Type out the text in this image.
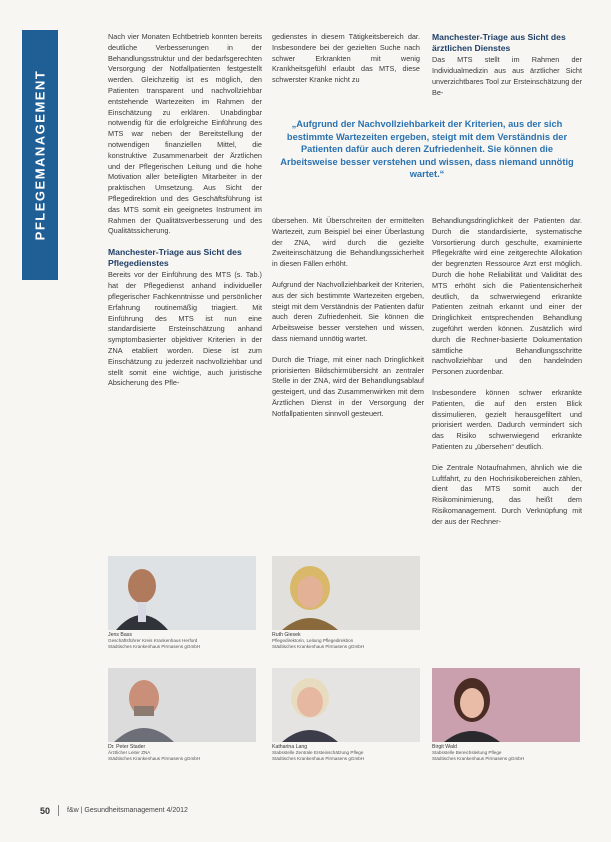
PFLEGEMANAGEMENT

Nach vier Monaten Echtbetrieb konnten bereits deutliche Verbesserungen in der Behandlungsstruktur und der bedarfsgerechten Versorgung der Notfallpatienten festgestellt werden. Gleichzeitig ist es möglich, den Patienten transparent und nachvollziehbar entstehende Wartezeiten im Rahmen der Einschätzung zu erklären. Unabdingbar notwendig für die erfolgreiche Einführung des MTS war neben der Bereitstellung der notwendigen finanziellen Mittel, die konstruktive Zusammenarbeit der Ärztlichen und der Pflegerischen Leitung und die hohe Motivation aller beteiligten Mitarbeiter in der praktischen Umsetzung. Aus Sicht der Pflegedirektion und des Geschäftsführung ist das MTS somit ein geeignetes Instrument im Rahmen der Qualitätsverbesserung und des Qualitätssicherung.

Manchester-Triage aus Sicht des Pflegedienstes

Bereits vor der Einführung des MTS (s. Tab.) hat der Pflegedienst anhand individueller pflegerischer Fachkenntnisse und persönlicher Erfahrung routinemäßig triagiert. Mit Einführung des MTS ist nun eine standardisierte Ersteinschätzung anhand symptombasierter objektiver Kriterien in der ZNA etabliert worden. Diese ist zum Einschätzung zu jederzeit nachvollziehbar und stellt somit eine wichtige, auch juristische Absicherung des Pfle-

gedienstes in diesem Tätigkeitsbereich dar. Insbesondere bei der gezielten Suche nach schwer Erkrankten mit wenig Krankheitsgefühl erlaubt das MTS, diese schwerster Kranke nicht zu

Manchester-Triage aus Sicht des ärztlichen Dienstes

Das MTS stellt im Rahmen der Individualmedizin aus aus ärztlicher Sicht unverzichtbares Tool zur Ersteinschätzung der Be-

„Aufgrund der Nachvollziehbarkeit der Kriterien, aus der sich bestimmte Wartezeiten ergeben, steigt mit dem Verständnis der Patienten dafür auch deren Zufriedenheit. Sie können die Arbeitsweise besser verstehen und wissen, dass niemand unnötig wartet.“

übersehen. Mit Überschreiten der ermittelten Wartezeit, zum Beispiel bei einer Überlastung der ZNA, wird durch die gezielte Zweiteinschätzung die Behandlungssicherheit in diesen Fällen erhöht.

Aufgrund der Nachvollziehbarkeit der Kriterien, aus der sich bestimmte Wartezeiten ergeben, steigt mit dem Verständnis der Patienten dafür auch deren Zufriedenheit. Sie können die Arbeitsweise besser verstehen und wissen, dass niemand unnötig wartet.

Durch die Triage, mit einer nach Dringlichkeit priorisierten Bildschirmübersicht an zentraler Stelle in der ZNA, wird der Behandlungsablauf gesteigert, und das Zusammenwirken mit dem Ärztlichen Dienst in der Versorgung der Notfallpatienten sinnvoll gesteuert.

Behandlungsdringlichkeit der Patienten dar. Durch die standardisierte, systematische Vorsortierung durch geschulte, examinierte Pflegekräfte wird eine zeitgerechte Allokation der begrenzten Ressource Arzt erst möglich. Durch die hohe Reliabilität und Validität des MTS erhöht sich die Patientensicherheit deutlich, da schwerwiegend erkrankte Patienten zeitnah erkannt und einer der Dringlichkeit entsprechenden Behandlung zugeführt werden können. Zusätzlich wird durch die Rechner-basierte Dokumentation sämtliche Behandlungsschritte nachvollziehbar und den handelnden Personen zuordenbar.

Insbesondere können schwer erkrankte Patienten, die auf den ersten Blick dissimulieren, gezielt herausgefiltert und priorisiert werden. Dadurch vermindert sich das Risiko schwerwiegend erkrankte Patienten zu „übersehen“ deutlich.

Die Zentrale Notaufnahmen, ähnlich wie die Luftfahrt, zu den Hochrisikobereichen zählen, dient das MTS somit auch der Risikominimierung, das heißt dem Risikomanagement. Durch Verknüpfung mit der aus der Rechner-

Jens Bass
Geschäftsführer Kreis Krankenhaus Herford
Städtisches Krankenhaus Pirmasens gGmbH
Ruth Giesek
Pflegedirektorin, Leitung Pflegedirektion
Städtisches Krankenhaus Pirmasens gGmbH
Dr. Peter Stader
Ärztlicher Leiter ZNA
Städtisches Krankenhaus Pirmasens gGmbH
Katharina Lang
Stabsstelle Zentrale Ersteinschätzung Pflege
Städtisches Krankenhaus Pirmasens gGmbH
Birgit Wald
Stabsstelle Bereichsleitung Pflege
Städtisches Krankenhaus Pirmasens gGmbH
50 f&w | Gesundheitsmanagement 4/2012
